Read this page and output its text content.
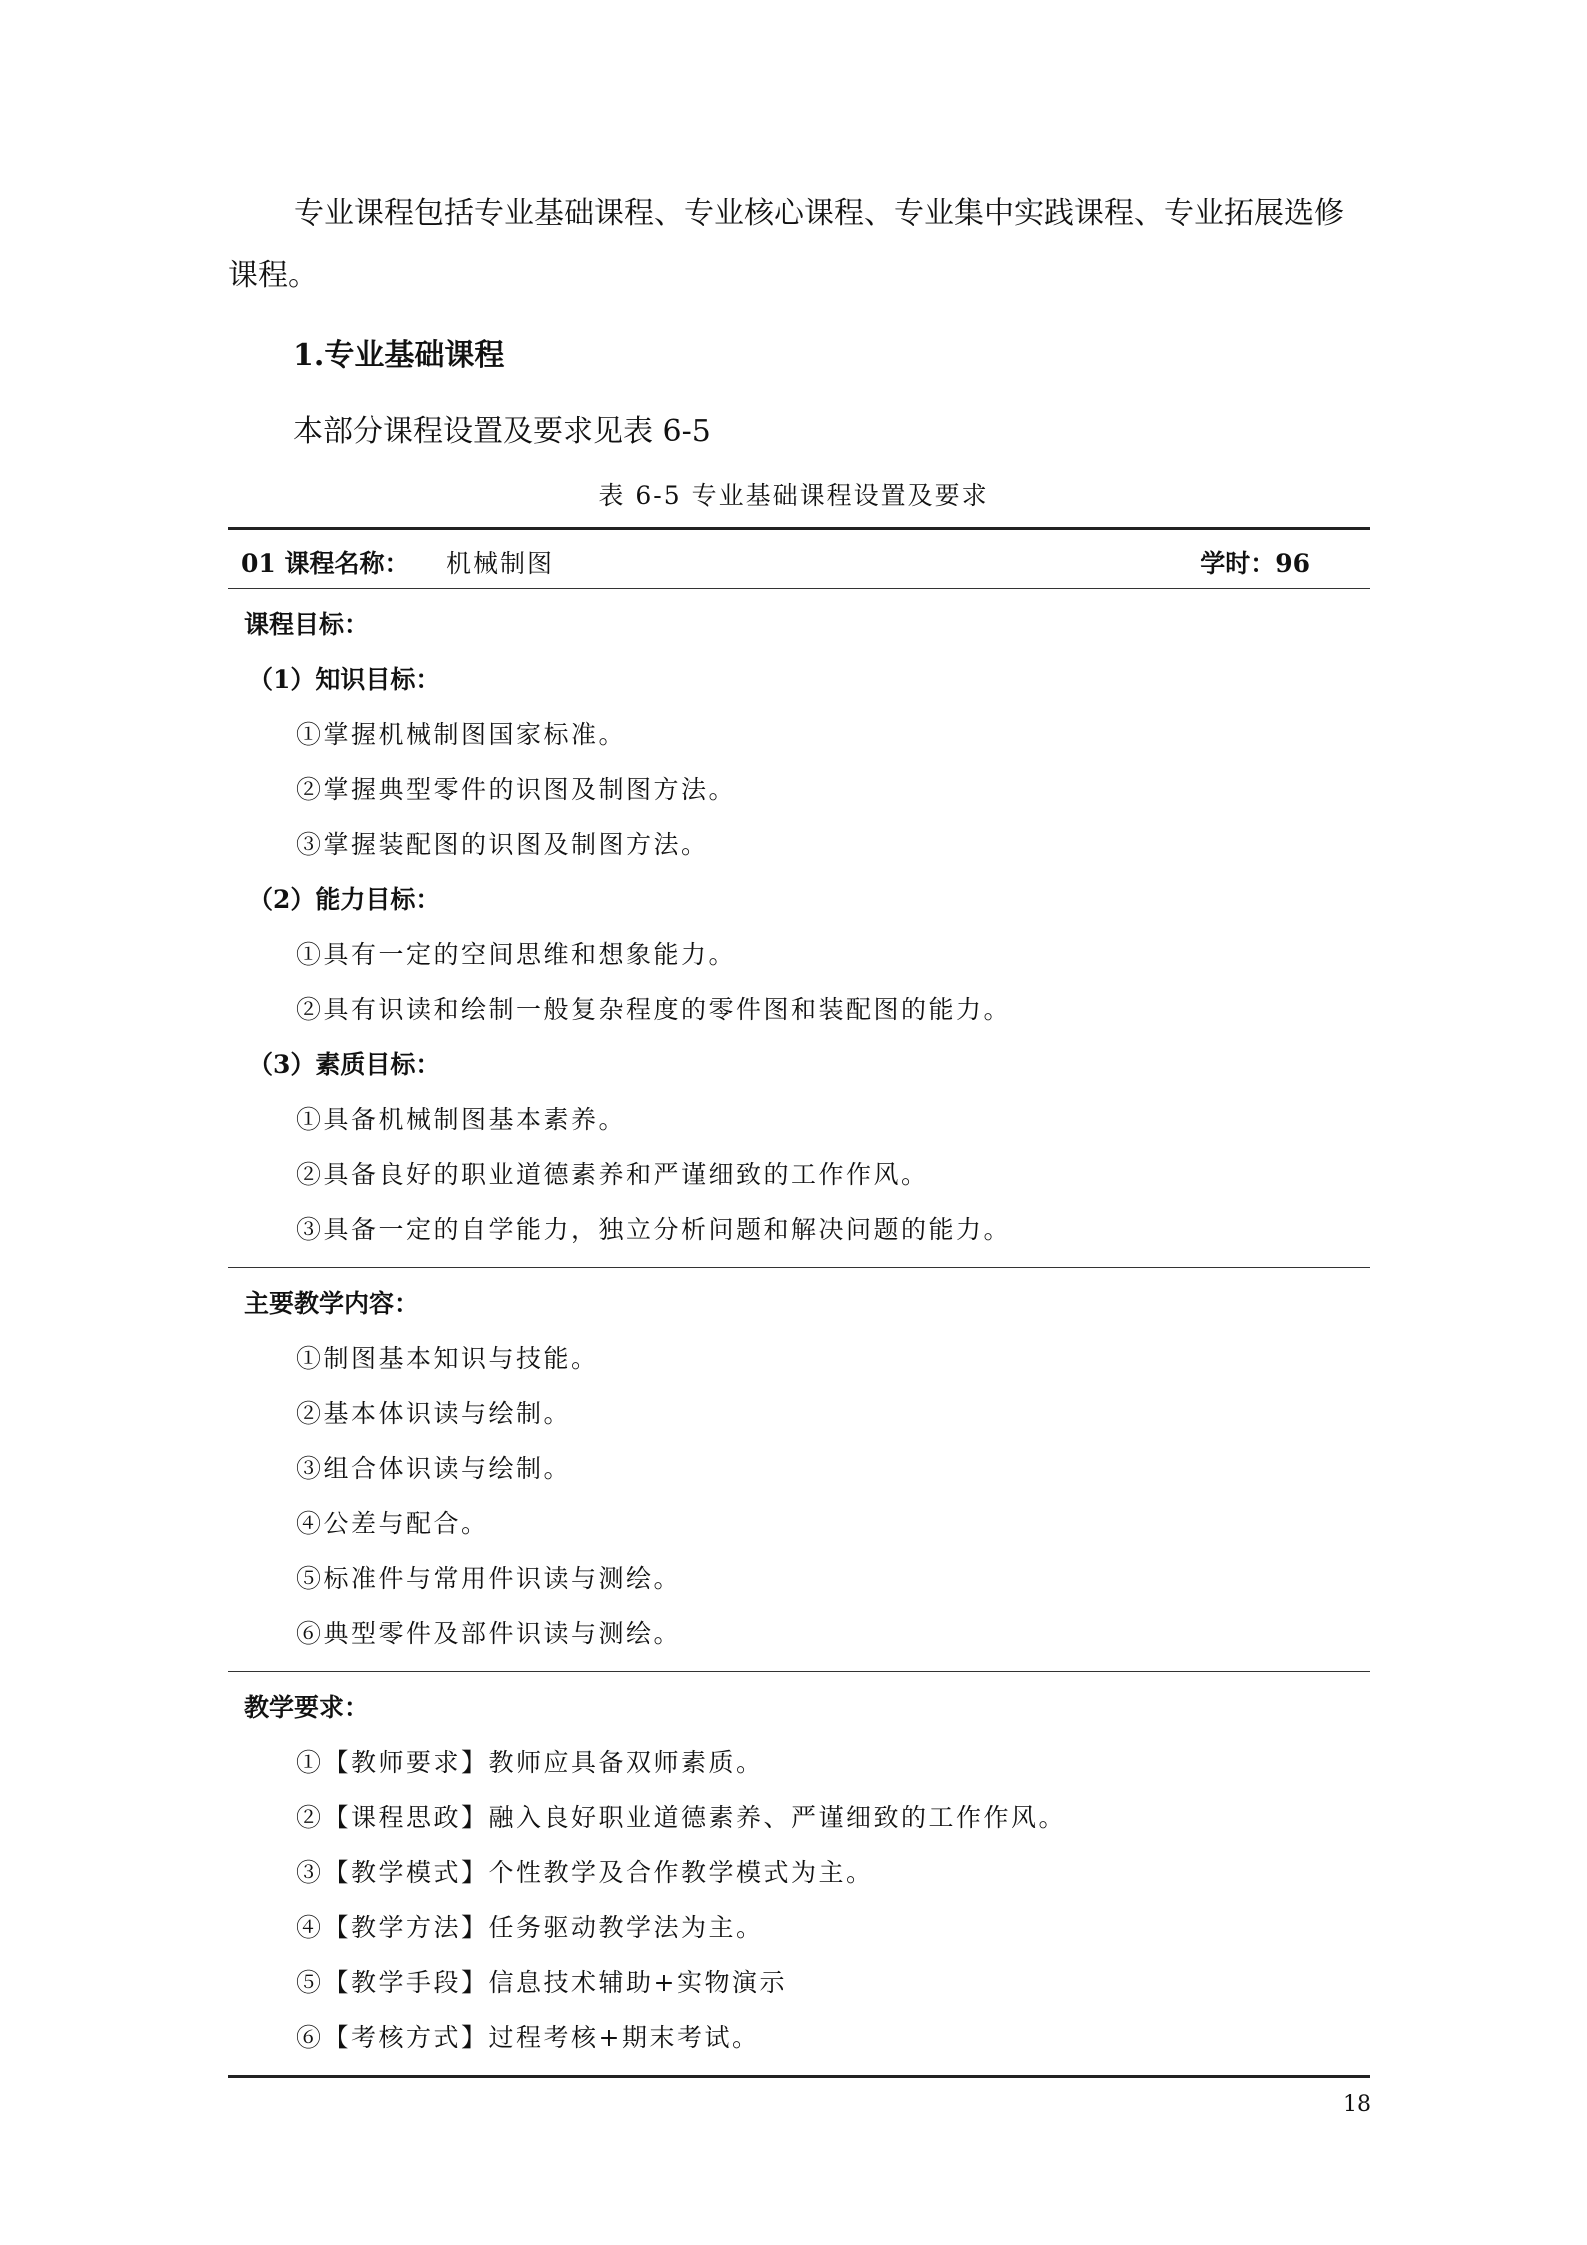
专业课程包括专业基础课程、专业核心课程、专业集中实践课程、专业拓展选修课程。

1.专业基础课程

本部分课程设置及要求见表 6-5

表 6-5 专业基础课程设置及要求

01 课程名称： 机械制图	学时：96
课程目标：
（1）知识目标：
①掌握机械制图国家标准。
②掌握典型零件的识图及制图方法。
③掌握装配图的识图及制图方法。
（2）能力目标：
①具有一定的空间思维和想象能力。
②具有识读和绘制一般复杂程度的零件图和装配图的能力。
（3）素质目标：
①具备机械制图基本素养。
②具备良好的职业道德素养和严谨细致的工作作风。
③具备一定的自学能力，独立分析问题和解决问题的能力。
主要教学内容：
①制图基本知识与技能。
②基本体识读与绘制。
③组合体识读与绘制。
④公差与配合。
⑤标准件与常用件识读与测绘。
⑥典型零件及部件识读与测绘。
教学要求：
①【教师要求】教师应具备双师素质。
②【课程思政】融入良好职业道德素养、严谨细致的工作作风。
③【教学模式】个性教学及合作教学模式为主。
④【教学方法】任务驱动教学法为主。
⑤【教学手段】信息技术辅助+实物演示
⑥【考核方式】过程考核+期末考试。
18
